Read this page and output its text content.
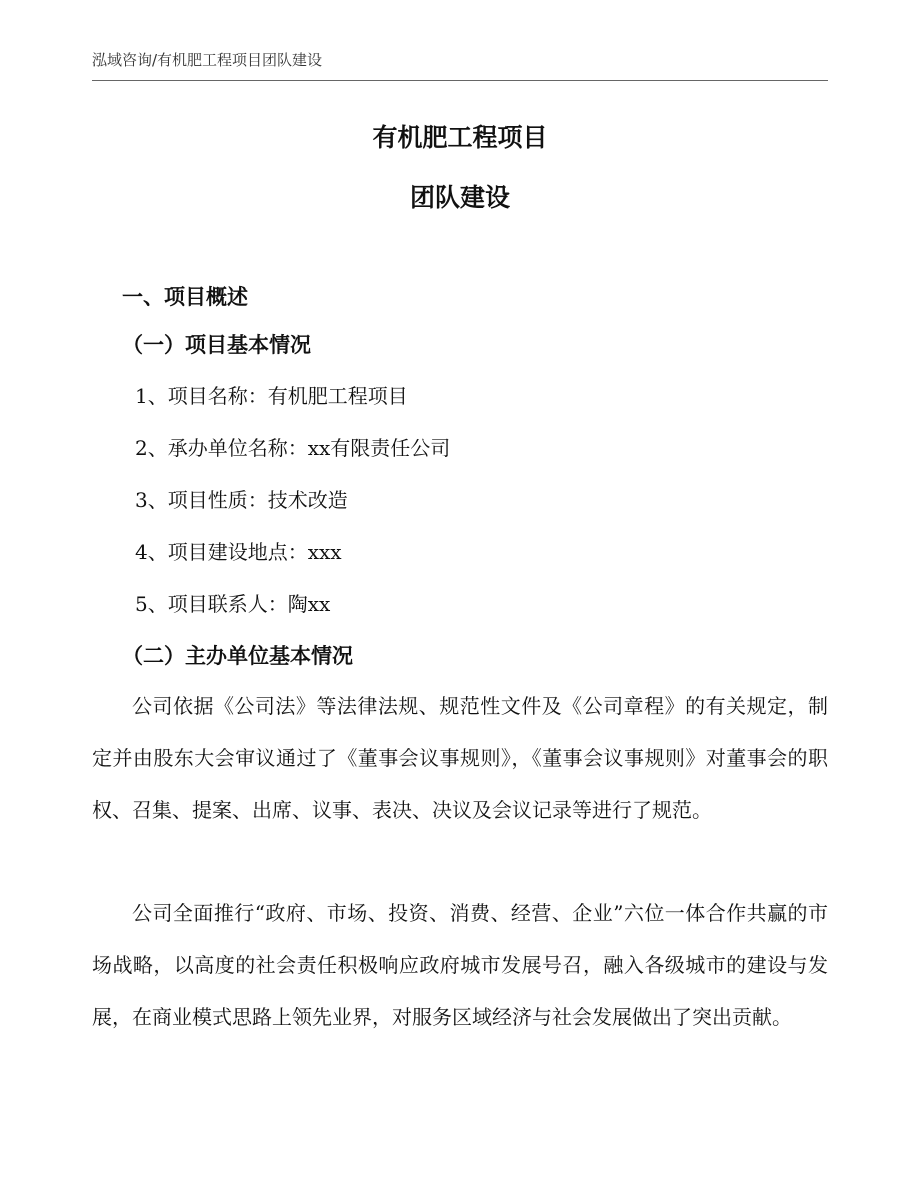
泓域咨询/有机肥工程项目团队建设
有机肥工程项目
团队建设
一、项目概述
（一）项目基本情况
1、项目名称：有机肥工程项目
2、承办单位名称：xx有限责任公司
3、项目性质：技术改造
4、项目建设地点：xxx
5、项目联系人：陶xx
（二）主办单位基本情况

公司依据《公司法》等法律法规、规范性文件及《公司章程》的有关规定，制定并由股东大会审议通过了《董事会议事规则》，《董事会议事规则》对董事会的职权、召集、提案、出席、议事、表决、决议及会议记录等进行了规范。

公司全面推行“政府、市场、投资、消费、经营、企业”六位一体合作共赢的市场战略，以高度的社会责任积极响应政府城市发展号召，融入各级城市的建设与发展，在商业模式思路上领先业界，对服务区域经济与社会发展做出了突出贡献。
